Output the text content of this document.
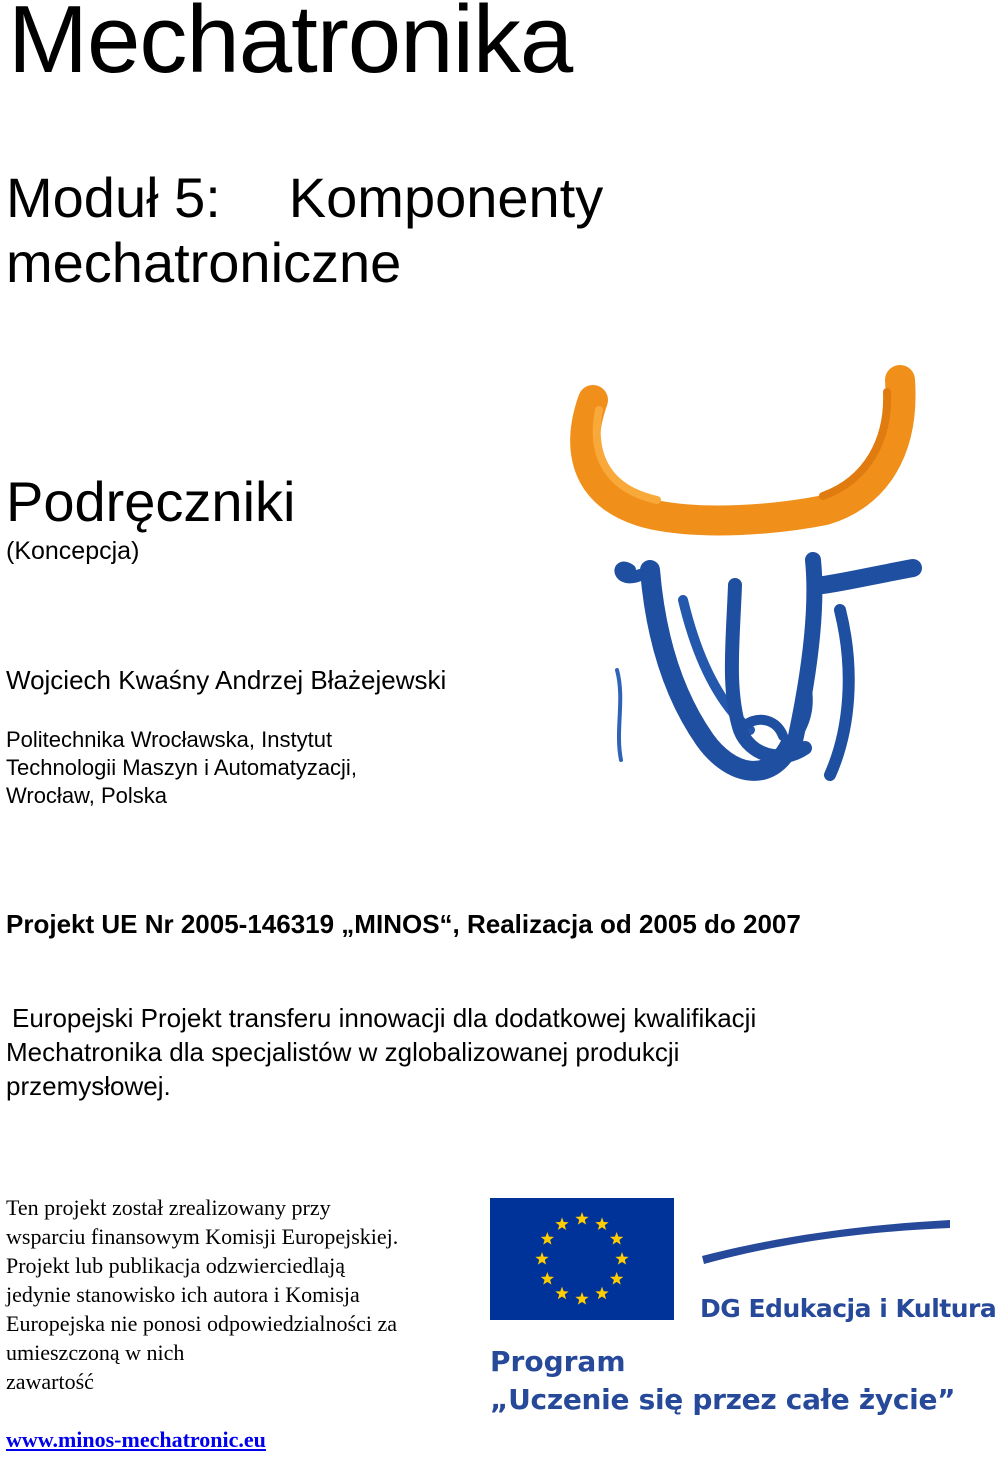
Mechatronika
Moduł 5: Komponenty
mechatroniczne
Podręczniki
(Koncepcja)
Wojciech Kwaśny Andrzej Błażejewski
Politechnika Wrocławska, Instytut
Technologii Maszyn i Automatyzacji,
Wrocław, Polska
Projekt UE Nr 2005-146319 „MINOS“, Realizacja od 2005 do 2007
Europejski Projekt transferu innowacji dla dodatkowej kwalifikacji
Mechatronika dla specjalistów w zglobalizowanej produkcji
przemysłowej.
Ten projekt został zrealizowany przy
wsparciu finansowym Komisji Europejskiej.
Projekt lub publikacja odzwierciedlają
jedynie stanowisko ich autora i Komisja
Europejska nie ponosi odpowiedzialności za
umieszczoną w nich
zawartość
www.minos-mechatronic.eu
DG Edukacja i Kultura
Program
„Uczenie się przez całe życie”
